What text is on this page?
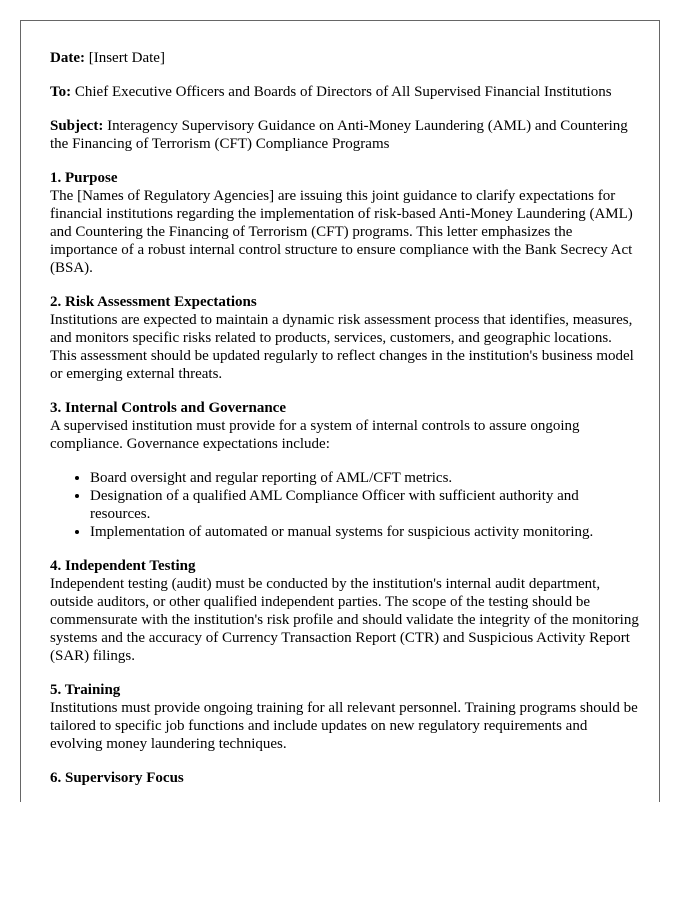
Date: [Insert Date]

To: Chief Executive Officers and Boards of Directors of All Supervised Financial Institutions

Subject: Interagency Supervisory Guidance on Anti-Money Laundering (AML) and Countering the Financing of Terrorism (CFT) Compliance Programs

1. Purpose

The [Names of Regulatory Agencies] are issuing this joint guidance to clarify expectations for financial institutions regarding the implementation of risk-based Anti-Money Laundering (AML) and Countering the Financing of Terrorism (CFT) programs. This letter emphasizes the importance of a robust internal control structure to ensure compliance with the Bank Secrecy Act (BSA).

2. Risk Assessment Expectations

Institutions are expected to maintain a dynamic risk assessment process that identifies, measures, and monitors specific risks related to products, services, customers, and geographic locations. This assessment should be updated regularly to reflect changes in the institution's business model or emerging external threats.

3. Internal Controls and Governance

A supervised institution must provide for a system of internal controls to assure ongoing compliance. Governance expectations include:

• Board oversight and regular reporting of AML/CFT metrics.
• Designation of a qualified AML Compliance Officer with sufficient authority and resources.
• Implementation of automated or manual systems for suspicious activity monitoring.

4. Independent Testing

Independent testing (audit) must be conducted by the institution's internal audit department, outside auditors, or other qualified independent parties. The scope of the testing should be commensurate with the institution's risk profile and should validate the integrity of the monitoring systems and the accuracy of Currency Transaction Report (CTR) and Suspicious Activity Report (SAR) filings.

5. Training

Institutions must provide ongoing training for all relevant personnel. Training programs should be tailored to specific job functions and include updates on new regulatory requirements and evolving money laundering techniques.

6. Supervisory Focus
